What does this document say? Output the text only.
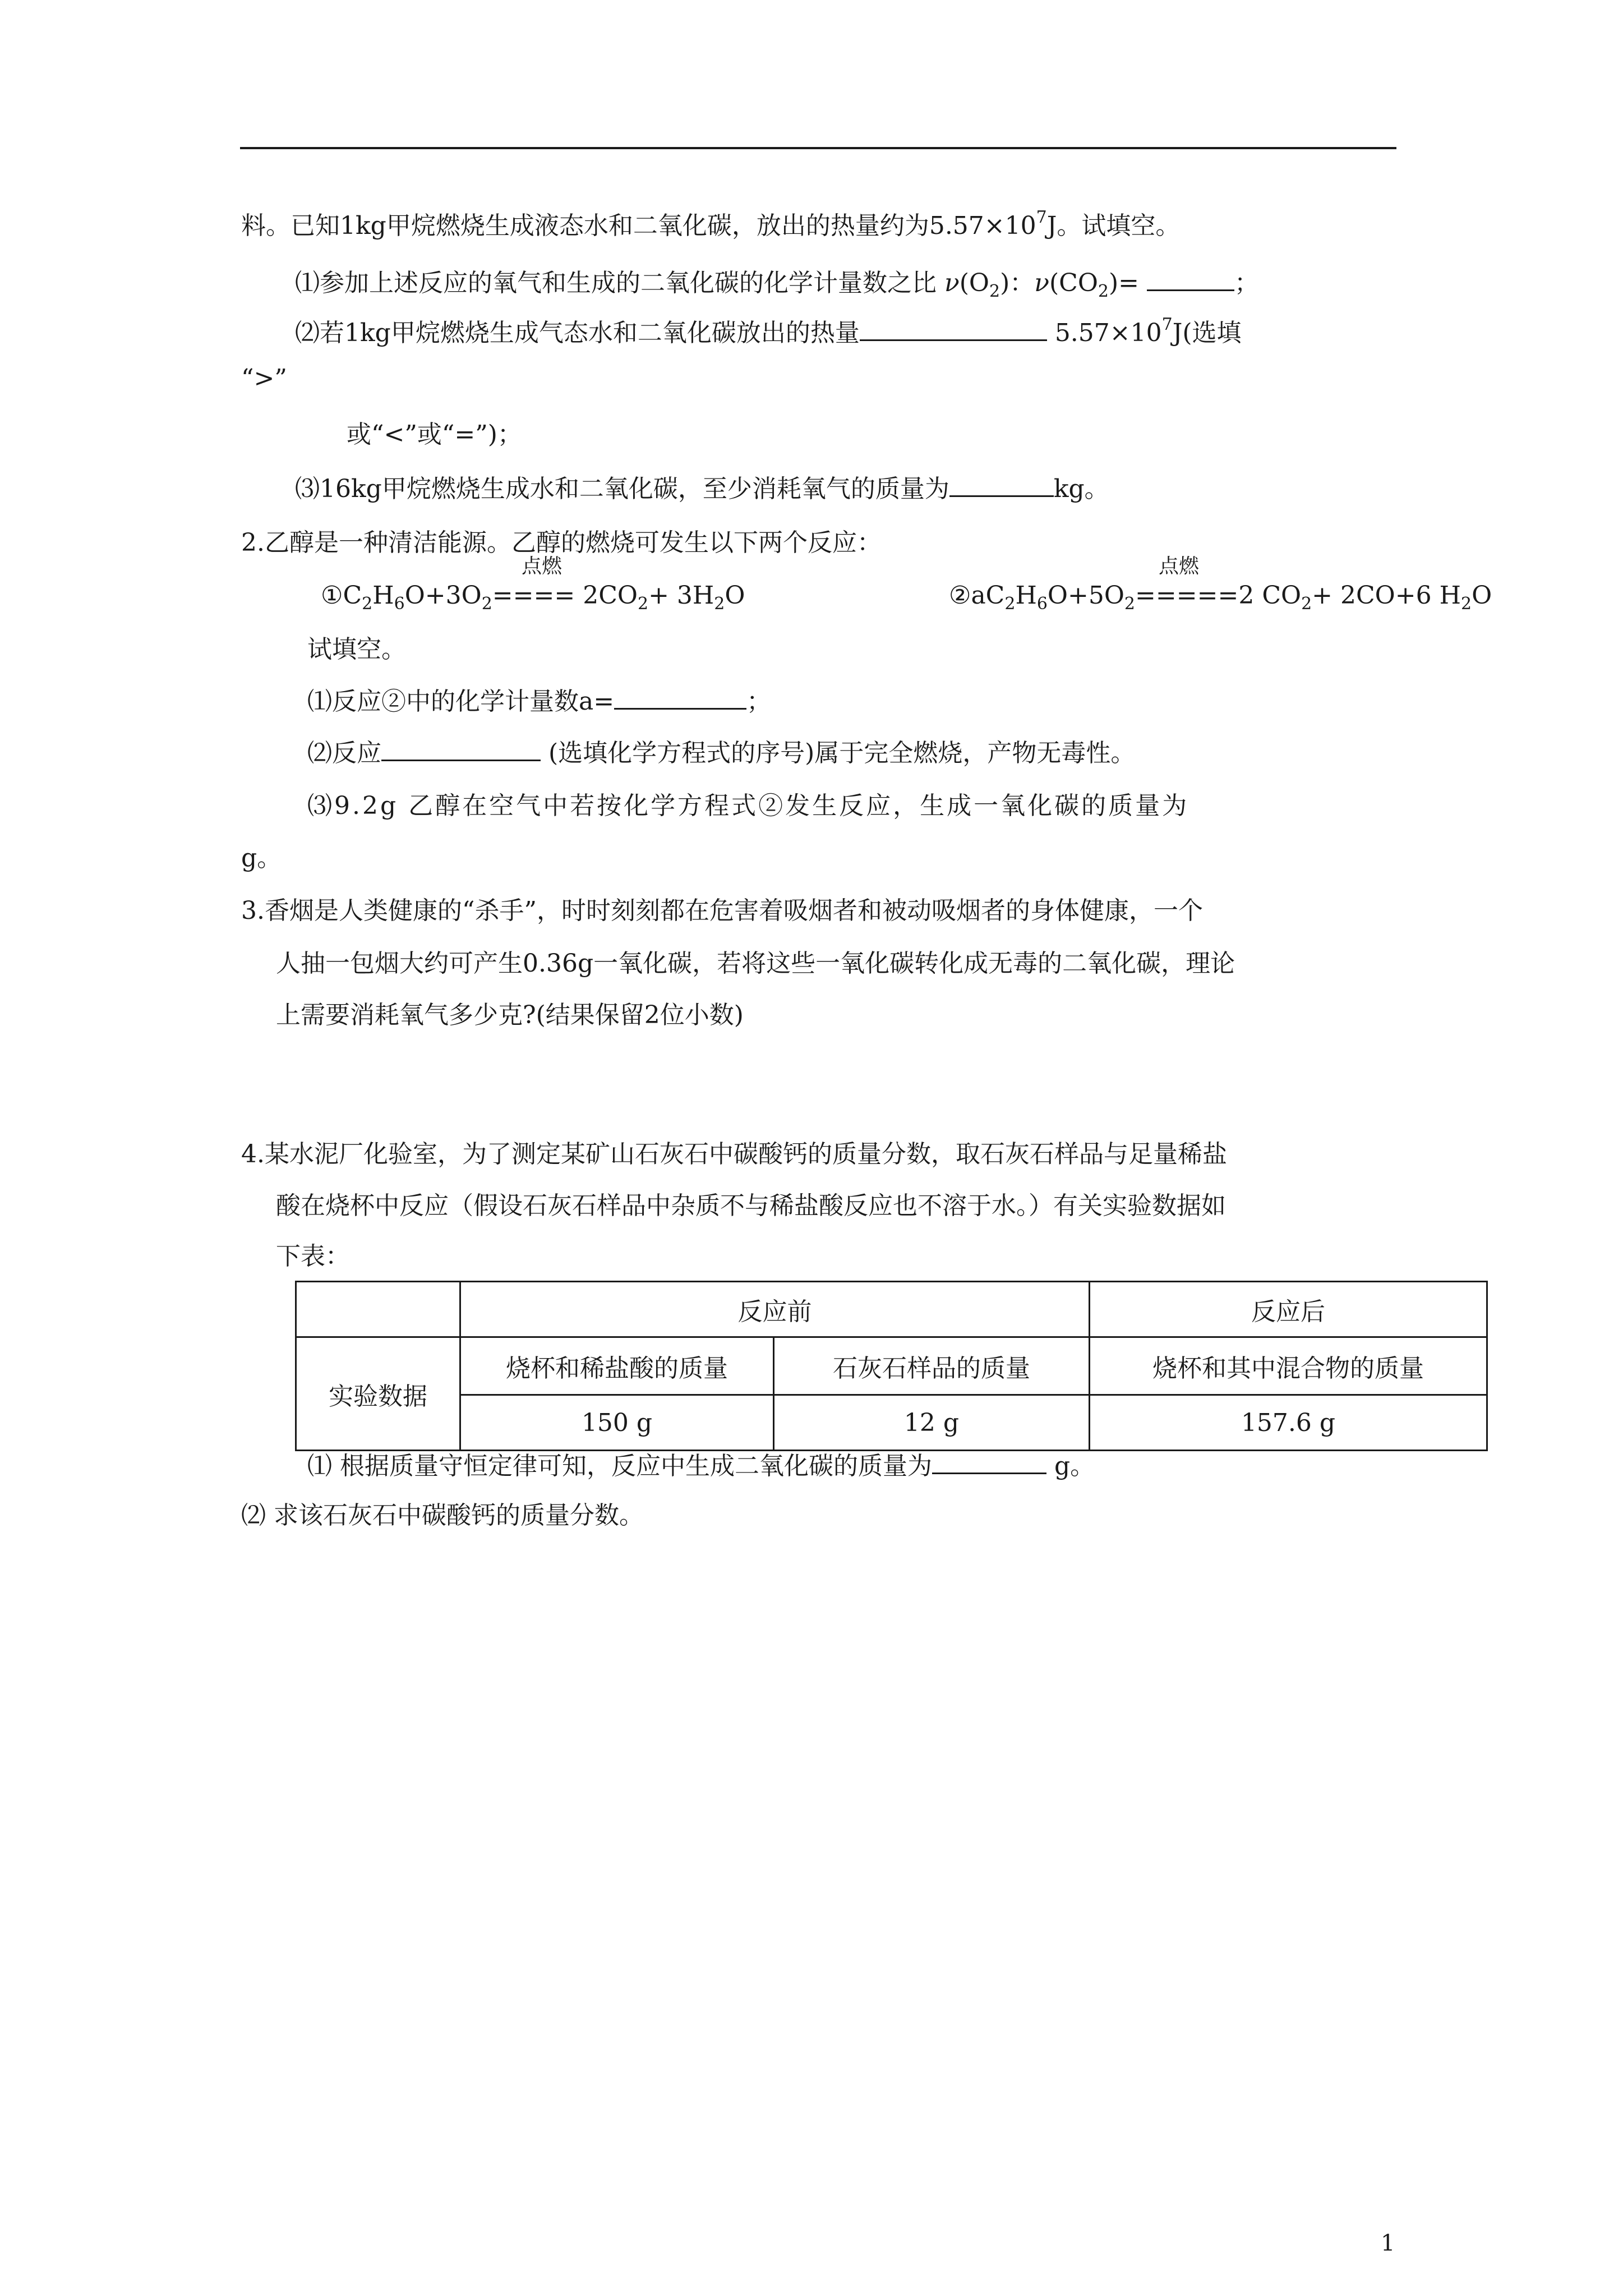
料。已知1kg甲烷燃烧生成液态水和二氧化碳，放出的热量约为$5.57\times 10^7J$。试填空。
⑴参加上述反应的氧气和生成的二氧化碳的化学计量数之比 $\nu(O_2)$：$\nu(CO_2)=$	；
⑵若1kg甲烷燃烧生成气态水和二氧化碳放出的热量	$5.57\times 10^7J$(选填
“>”
或“<”或“=”)；
⑶16kg甲烷燃烧生成水和二氧化碳，至少消耗氧气的质量为	kg。
2.乙醇是一种清洁能源。乙醇的燃烧可发生以下两个反应：
点燃
$①C_2H_6O+3O_2==== 2CO_2+ 3H_2O$
点燃
$②aC_2H_6O+5O_2=====2$ $CO_2+ 2CO+6$ $H_2O$
试填空。
⑴反应②中的化学计量数a=	；
⑵反应	(选填化学方程式的序号)属于完全燃烧，产物无毒性。
⑶9.2g 乙醇在空气中若按化学方程式②发生反应，生成一氧化碳的质量为
g。
3.香烟是人类健康的“杀手”，时时刻刻都在危害着吸烟者和被动吸烟者的身体健康，一个
人抽一包烟大约可产生0.36g一氧化碳，若将这些一氧化碳转化成无毒的二氧化碳，理论
上需要消耗氧气多少克?(结果保留2位小数)
4.某水泥厂化验室，为了测定某矿山石灰石中碳酸钙的质量分数，取石灰石样品与足量稀盐
酸在烧杯中反应（假设石灰石样品中杂质不与稀盐酸反应也不溶于水。）有关实验数据如
下表：
	反应前		反应后
实验数据	烧杯和稀盐酸的质量	石灰石样品的质量	烧杯和其中混合物的质量
	150 g	12 g	157.6 g
⑴ 根据质量守恒定律可知，反应中生成二氧化碳的质量为	g。
⑵ 求该石灰石中碳酸钙的质量分数。
1
